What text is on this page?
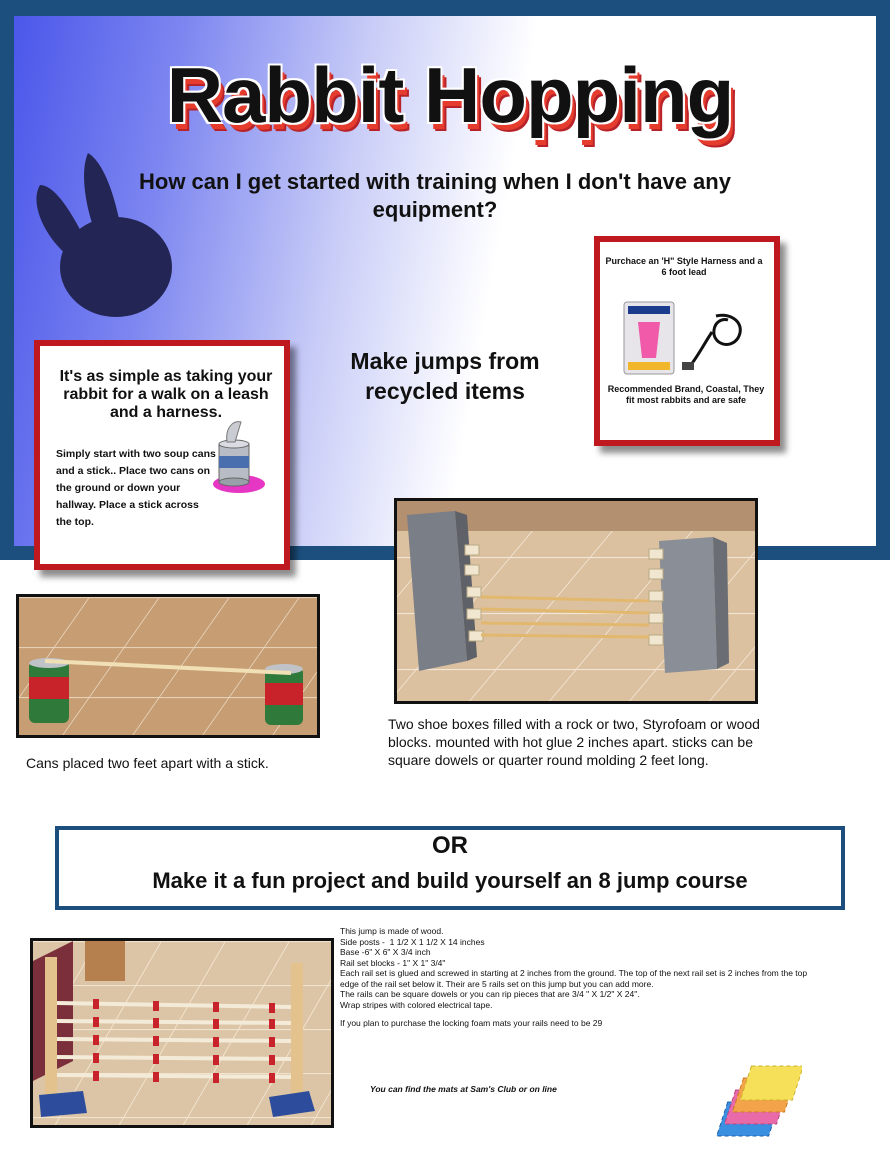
Rabbit Hopping
How can I get started with training when I don't have any equipment?
Make jumps from recycled items
Purchace an 'H" Style Harness and a 6 foot lead
Recommended Brand, Coastal, They fit most rabbits and are safe
It's as simple as taking your rabbit for a walk on a leash and a harness.
Simply start with two soup cans and a stick.. Place two cans on the ground or down your hallway. Place a stick across the top.
Cans placed two feet apart with a stick.
Two shoe boxes filled with a rock or two, Styrofoam or wood blocks. mounted with hot glue 2 inches apart. sticks can be square dowels or quarter round molding 2 feet long.
OR
Make it a fun project and build yourself an 8 jump course
This jump is made of wood.
Side posts -  1 1/2 X 1 1/2 X 14 inches
Base -6" X 6" X 3/4 inch
Rail set blocks - 1" X 1" 3/4"
Each rail set is glued and screwed in starting at 2 inches from the ground. The top of the next rail set is 2 inches from the top edge of the rail set below it. Their are 5 rails set on this jump but you can add more.
The rails can be square dowels or you can rip pieces that are 3/4 " X 1/2" X 24".
Wrap stripes with colored electrical tape.
If you plan to purchase the locking foam mats your rails need to be 29
You can find the mats at Sam's Club or on line
